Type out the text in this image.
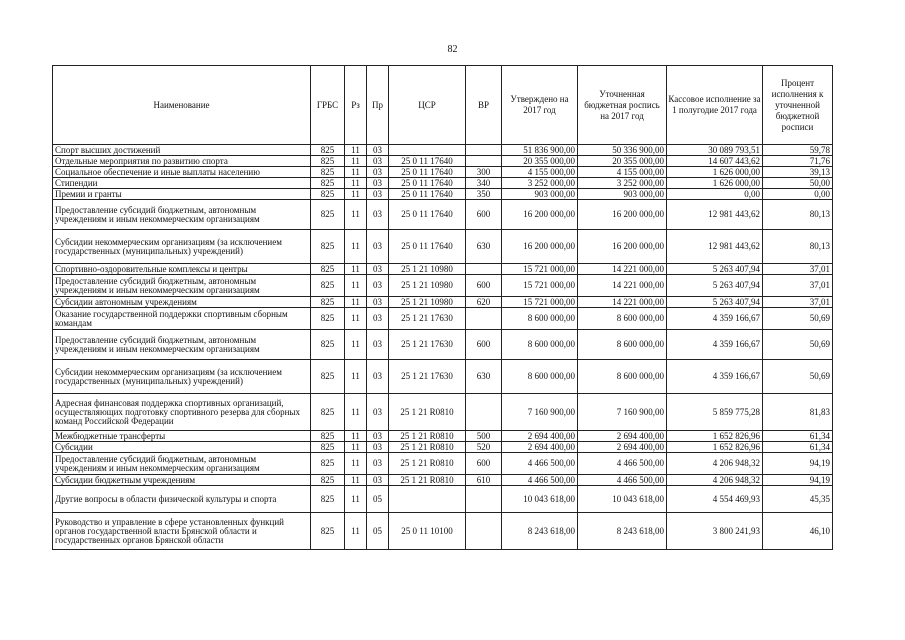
82
Наименование	ГРБС	Рз	Пр	ЦСР	ВР	Утверждено на 2017 год	Уточненная бюджетная роспись на 2017 год	Кассовое исполнение за 1 полугодие 2017 года	Процент исполнения к уточненной бюджетной росписи
Спорт высших достижений	825	11	03			51 836 900,00	50 336 900,00	30 089 793,51	59,78
Отдельные мероприятия по развитию спорта	825	11	03	25 0 11 17640		20 355 000,00	20 355 000,00	14 607 443,62	71,76
Социальное обеспечение и иные выплаты населению	825	11	03	25 0 11 17640	300	4 155 000,00	4 155 000,00	1 626 000,00	39,13
Стипендии	825	11	03	25 0 11 17640	340	3 252 000,00	3 252 000,00	1 626 000,00	50,00
Премии и гранты	825	11	03	25 0 11 17640	350	903 000,00	903 000,00	0,00	0,00
Предоставление субсидий бюджетным, автономным учреждениям и иным некоммерческим организациям	825	11	03	25 0 11 17640	600	16 200 000,00	16 200 000,00	12 981 443,62	80,13
Субсидии некоммерческим организациям (за исключением государственных (муниципальных) учреждений)	825	11	03	25 0 11 17640	630	16 200 000,00	16 200 000,00	12 981 443,62	80,13
Спортивно-оздоровительные комплексы и центры	825	11	03	25 1 21 10980		15 721 000,00	14 221 000,00	5 263 407,94	37,01
Предоставление субсидий бюджетным, автономным учреждениям и иным некоммерческим организациям	825	11	03	25 1 21 10980	600	15 721 000,00	14 221 000,00	5 263 407,94	37,01
Субсидии автономным учреждениям	825	11	03	25 1 21 10980	620	15 721 000,00	14 221 000,00	5 263 407,94	37,01
Оказание государственной поддержки спортивным сборным командам	825	11	03	25 1 21 17630		8 600 000,00	8 600 000,00	4 359 166,67	50,69
Предоставление субсидий бюджетным, автономным учреждениям и иным некоммерческим организациям	825	11	03	25 1 21 17630	600	8 600 000,00	8 600 000,00	4 359 166,67	50,69
Субсидии некоммерческим организациям (за исключением государственных (муниципальных) учреждений)	825	11	03	25 1 21 17630	630	8 600 000,00	8 600 000,00	4 359 166,67	50,69
Адресная финансовая поддержка спортивных организаций, осуществляющих подготовку спортивного резерва для сборных команд Российской Федерации	825	11	03	25 1 21 R0810		7 160 900,00	7 160 900,00	5 859 775,28	81,83
Межбюджетные трансферты	825	11	03	25 1 21 R0810	500	2 694 400,00	2 694 400,00	1 652 826,96	61,34
Субсидии	825	11	03	25 1 21 R0810	520	2 694 400,00	2 694 400,00	1 652 826,96	61,34
Предоставление субсидий бюджетным, автономным учреждениям и иным некоммерческим организациям	825	11	03	25 1 21 R0810	600	4 466 500,00	4 466 500,00	4 206 948,32	94,19
Субсидии бюджетным учреждениям	825	11	03	25 1 21 R0810	610	4 466 500,00	4 466 500,00	4 206 948,32	94,19
Другие вопросы в области физической культуры и спорта	825	11	05			10 043 618,00	10 043 618,00	4 554 469,93	45,35
Руководство и управление в сфере установленных функций органов государственной власти Брянской области и государственных органов Брянской области	825	11	05	25 0 11 10100		8 243 618,00	8 243 618,00	3 800 241,93	46,10
